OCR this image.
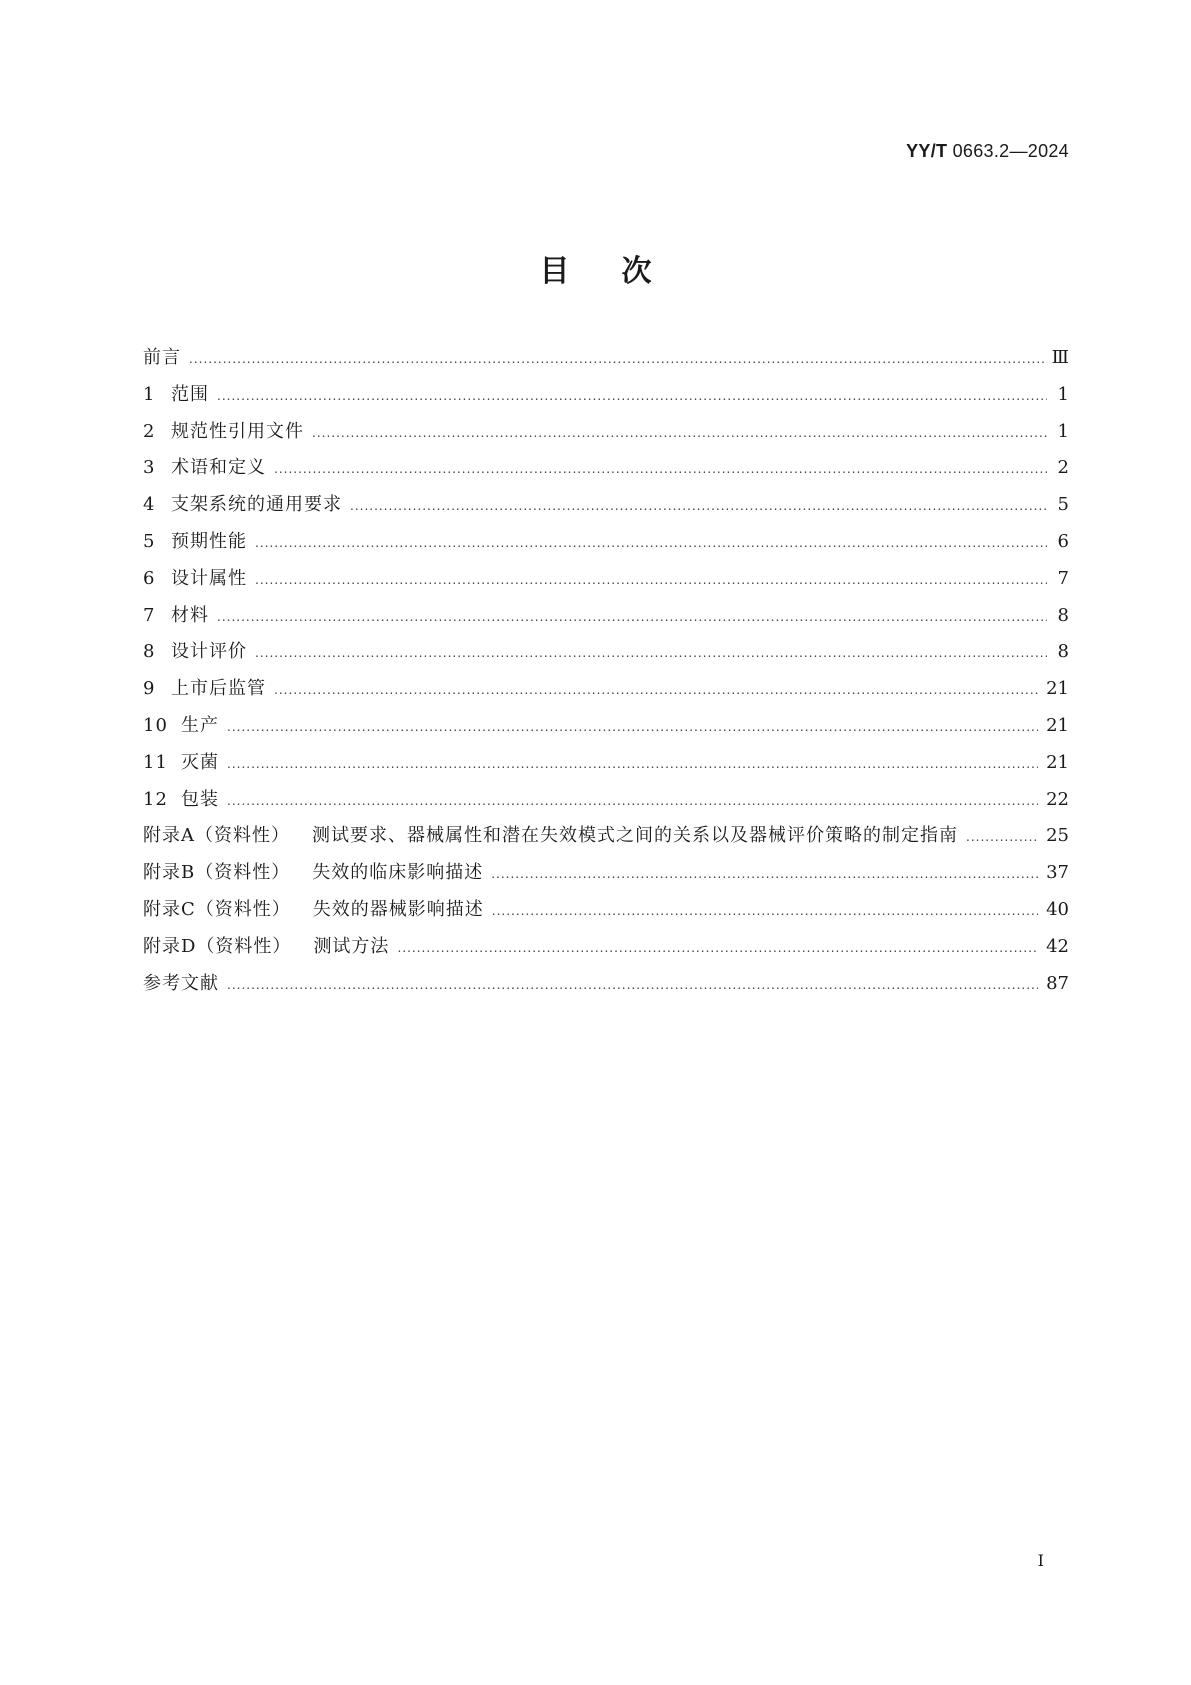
YY/T 0663.2—2024
目次
前言 .....	Ⅲ
1 范围 .....	1
2 规范性引用文件 .....	1
3 术语和定义 .....	2
4 支架系统的通用要求 .....	5
5 预期性能 .....	6
6 设计属性 .....	7
7 材料 .....	8
8 设计评价 .....	8
9 上市后监管 .....	21
10 生产 .....	21
11 灭菌 .....	21
12 包装 .....	22
附录A（资料性） 测试要求、器械属性和潜在失效模式之间的关系以及器械评价策略的制定指南 .....	25
附录B（资料性） 失效的临床影响描述 .....	37
附录C（资料性） 失效的器械影响描述 .....	40
附录D（资料性） 测试方法 .....	42
参考文献 .....	87
Ⅰ
